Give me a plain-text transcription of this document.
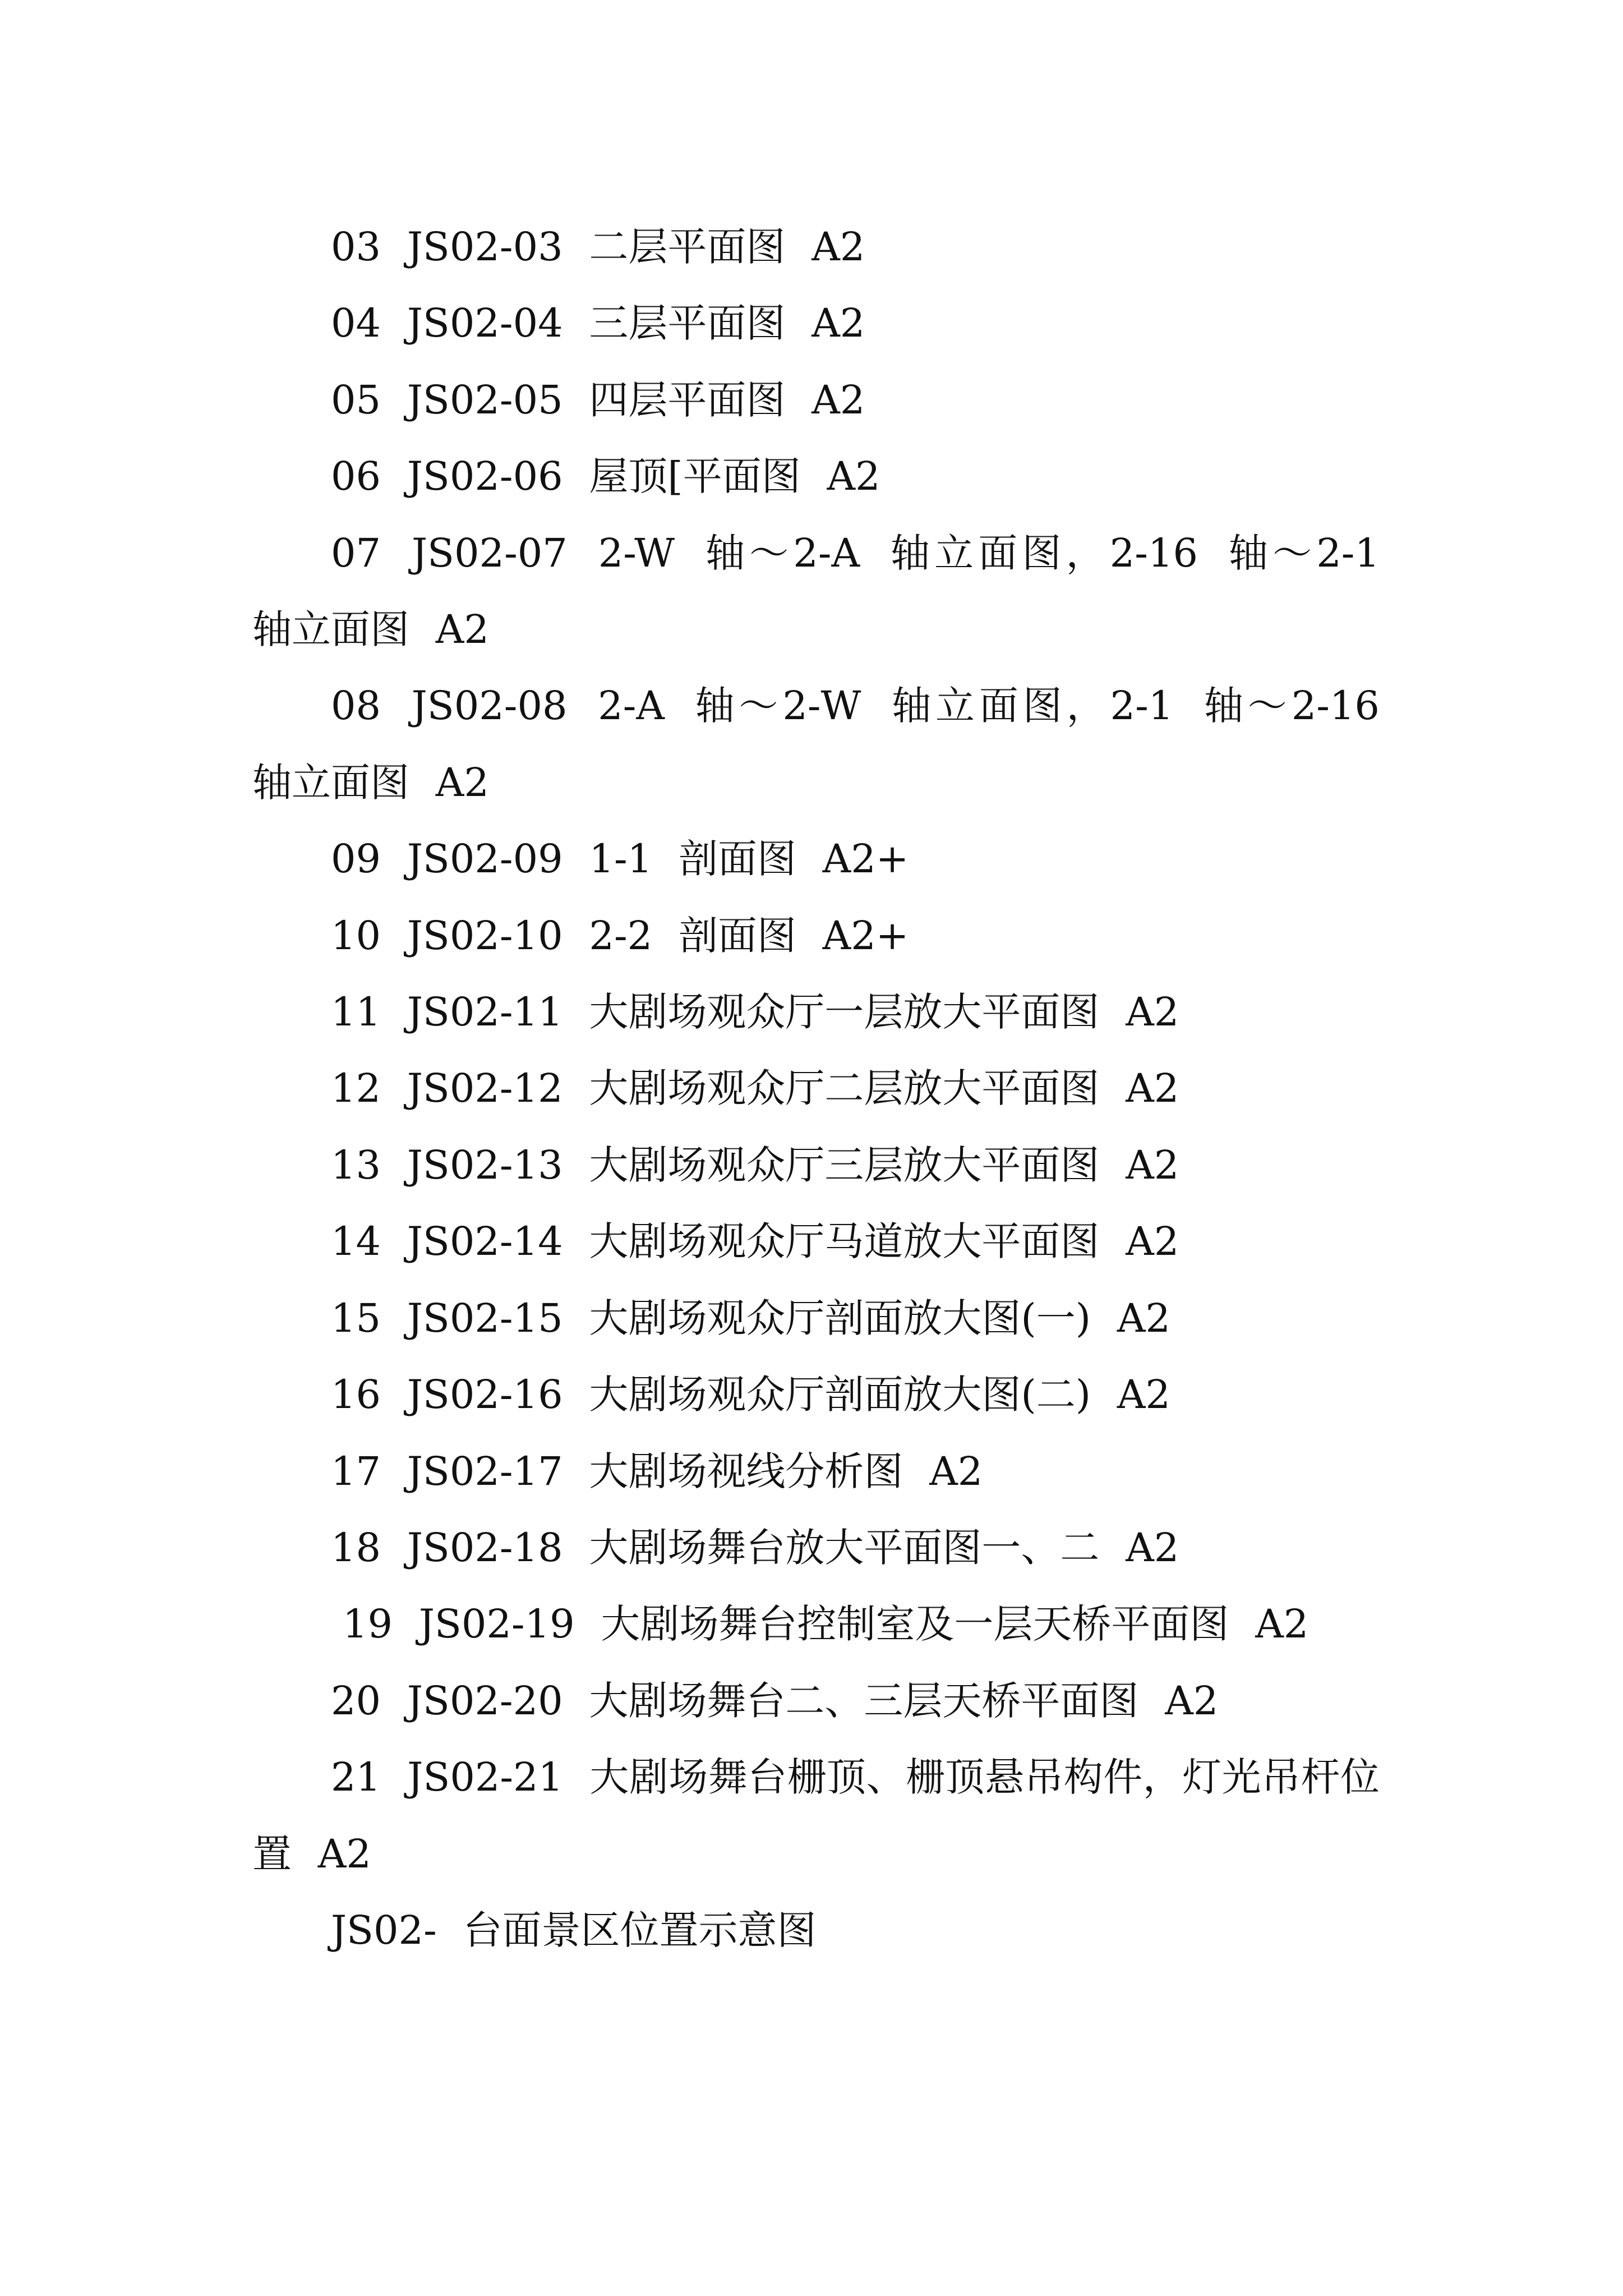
03 JS02-03 二层平面图 A2

04 JS02-04 三层平面图 A2

05 JS02-05 四层平面图 A2

06 JS02-06 屋顶[平面图 A2

07 JS02-07 2-W 轴～2-A 轴立面图，2-16 轴～2-1 轴立面图 A2

08 JS02-08 2-A 轴～2-W 轴立面图，2-1 轴～2-16 轴立面图 A2

09 JS02-09 1-1 剖面图 A2+

10 JS02-10 2-2 剖面图 A2+

11 JS02-11 大剧场观众厅一层放大平面图 A2

12 JS02-12 大剧场观众厅二层放大平面图 A2

13 JS02-13 大剧场观众厅三层放大平面图 A2

14 JS02-14 大剧场观众厅马道放大平面图 A2

15 JS02-15 大剧场观众厅剖面放大图(一) A2

16 JS02-16 大剧场观众厅剖面放大图(二) A2

17 JS02-17 大剧场视线分析图 A2

18 JS02-18 大剧场舞台放大平面图一、二 A2

19 JS02-19 大剧场舞台控制室及一层天桥平面图 A2

20 JS02-20 大剧场舞台二、三层天桥平面图 A2

21 JS02-21 大剧场舞台栅顶、栅顶悬吊构件，灯光吊杆位置 A2

JS02- 台面景区位置示意图
